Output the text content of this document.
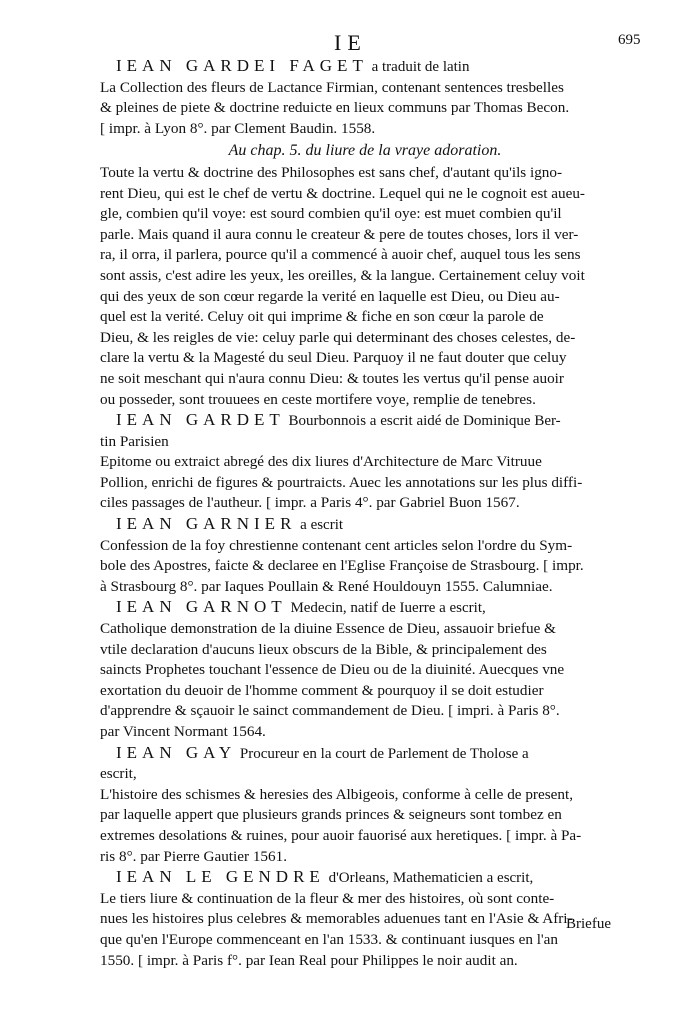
IE	695
IEAN GARDEI FAGET a traduit de latin
La Collection des fleurs de Lactance Firmian, contenant sentences tresbelles
& pleines de piete & doctrine reduicte en lieux communs par Thomas Becon.
[ impr. à Lyon 8°. par Clement Baudin. 1558.
Au chap. 5. du liure de la vraye adoration.
Toute la vertu & doctrine des Philosophes est sans chef, d'autant qu'ils igno-
rent Dieu, qui est le chef de vertu & doctrine. Lequel qui ne le cognoit est aueu-
gle, combien qu'il voye: est sourd combien qu'il oye: est muet combien qu'il
parle. Mais quand il aura connu le createur & pere de toutes choses, lors il ver-
ra, il orra, il parlera, pource qu'il a commencé à auoir chef, auquel tous les sens
sont assis, c'est adire les yeux, les oreilles, & la langue. Certainement celuy voit
qui des yeux de son cœur regarde la verité en laquelle est Dieu, ou Dieu au-
quel est la verité. Celuy oit qui imprime & fiche en son cœur la parole de
Dieu, & les reigles de vie: celuy parle qui determinant des choses celestes, de-
clare la vertu & la Magesté du seul Dieu. Parquoy il ne faut douter que celuy
ne soit meschant qui n'aura connu Dieu: & toutes les vertus qu'il pense auoir
ou posseder, sont trouuees en ceste mortifere voye, remplie de tenebres.
IEAN GARDET Bourbonnois a escrit aidé de Dominique Ber-
tin Parisien
Epitome ou extraict abregé des dix liures d'Architecture de Marc Vitruue
Pollion, enrichi de figures & pourtraicts. Auec les annotations sur les plus diffi-
ciles passages de l'autheur. [ impr. a Paris 4°. par Gabriel Buon 1567.
IEAN GARNIER a escrit
Confession de la foy chrestienne contenant cent articles selon l'ordre du Sym-
bole des Apostres, faicte & declaree en l'Eglise Françoise de Strasbourg. [ impr.
à Strasbourg 8°. par Iaques Poullain & René Houldouyn 1555. Calumniae.
IEAN GARNOT Medecin, natif de Iuerre a escrit,
Catholique demonstration de la diuine Essence de Dieu, assauoir briefue &
vtile declaration d'aucuns lieux obscurs de la Bible, & principalement des
saincts Prophetes touchant l'essence de Dieu ou de la diuinité. Auecques vne
exortation du deuoir de l'homme comment & pourquoy il se doit estudier
d'apprendre & sçauoir le sainct commandement de Dieu. [ impri. à Paris 8°.
par Vincent Normant 1564.
IEAN GAY Procureur en la court de Parlement de Tholose a
escrit,
L'histoire des schismes & heresies des Albigeois, conforme à celle de present,
par laquelle appert que plusieurs grands princes & seigneurs sont tombez en
extremes desolations & ruines, pour auoir fauorisé aux heretiques. [ impr. à Pa-
ris 8°. par Pierre Gautier 1561.
IEAN LE GENDRE d'Orleans, Mathematicien a escrit,
Le tiers liure & continuation de la fleur & mer des histoires, où sont conte-
nues les histoires plus celebres & memorables aduenues tant en l'Asie & Afri-
que qu'en l'Europe commenceant en l'an 1533. & continuant iusques en l'an
1550. [ impr. à Paris f°. par Iean Real pour Philippes le noir audit an.
Briefue
